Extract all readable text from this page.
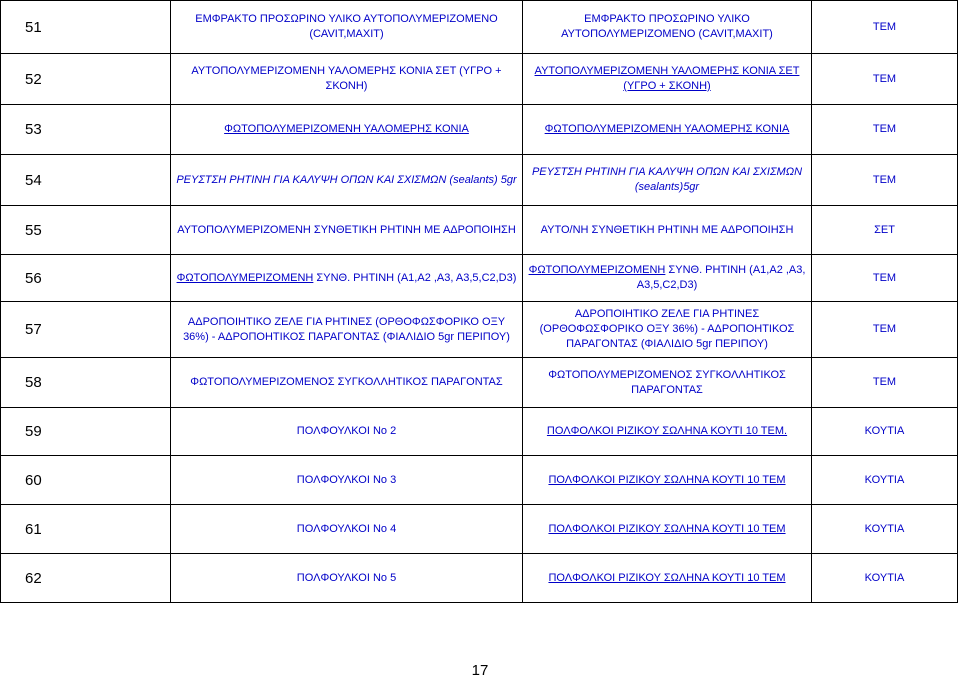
51	ΕΜΦΡΑΚΤΟ ΠΡΟΣΩΡΙΝΟ ΥΛΙΚΟ ΑΥΤΟΠΟΛΥΜΕΡΙΖΟΜΕΝΟ (CAVIT,MAXIT)	ΕΜΦΡΑΚΤΟ ΠΡΟΣΩΡΙΝΟ ΥΛΙΚΟ ΑΥΤΟΠΟΛΥΜΕΡΙΖΟΜΕΝΟ (CAVIT,MAXIT)	ΤΕΜ
52	ΑΥΤΟΠΟΛΥΜΕΡΙΖΟΜΕΝΗ ΥΑΛΟΜΕΡΗΣ ΚΟΝΙΑ ΣΕΤ (ΥΓΡΟ + ΣΚΟΝΗ)	ΑΥΤΟΠΟΛΥΜΕΡΙΖΟΜΕΝΗ ΥΑΛΟΜΕΡΗΣ ΚΟΝΙΑ ΣΕΤ (ΥΓΡΟ + ΣΚΟΝΗ)	ΤΕΜ
53	ΦΩΤΟΠΟΛΥΜΕΡΙΖΟΜΕΝΗ ΥΑΛΟΜΕΡΗΣ ΚΟΝΙΑ	ΦΩΤΟΠΟΛΥΜΕΡΙΖΟΜΕΝΗ ΥΑΛΟΜΕΡΗΣ ΚΟΝΙΑ	ΤΕΜ
54	ΡΕΥΣΤΣΗ ΡΗΤΙΝΗ ΓΙΑ ΚΑΛΥΨΗ ΟΠΩΝ ΚΑΙ ΣΧΙΣΜΩΝ (sealants) 5gr	ΡΕΥΣΤΣΗ ΡΗΤΙΝΗ ΓΙΑ ΚΑΛΥΨΗ ΟΠΩΝ ΚΑΙ ΣΧΙΣΜΩΝ (sealants)5gr	ΤΕΜ
55	ΑΥΤΟΠΟΛΥΜΕΡΙΖΟΜΕΝΗ ΣΥΝΘΕΤΙΚΗ ΡΗΤΙΝΗ ΜΕ ΑΔΡΟΠΟΙΗΣΗ	ΑΥΤΟ/ΝΗ ΣΥΝΘΕΤΙΚΗ ΡΗΤΙΝΗ ΜΕ ΑΔΡΟΠΟΙΗΣΗ	ΣΕΤ
56	ΦΩΤΟΠΟΛΥΜΕΡΙΖΟΜΕΝΗ ΣΥΝΘ. ΡΗΤΙΝΗ (Α1,Α2 ,Α3, Α3,5,C2,D3)	ΦΩΤΟΠΟΛΥΜΕΡΙΖΟΜΕΝΗ ΣΥΝΘ. ΡΗΤΙΝΗ (Α1,Α2 ,Α3, Α3,5,C2,D3)	ΤΕΜ
57	ΑΔΡΟΠΟΙΗΤΙΚΟ ΖΕΛΕ ΓΙΑ ΡΗΤΙΝΕΣ (ΟΡΘΟΦΩΣΦΟΡΙΚΟ ΟΞΥ 36%) - ΑΔΡΟΠΟΗΤΙΚΟΣ ΠΑΡΑΓΟΝΤΑΣ (ΦΙΑΛΙΔΙΟ 5gr ΠΕΡΙΠΟΥ)	ΑΔΡΟΠΟΙΗΤΙΚΟ ΖΕΛΕ ΓΙΑ ΡΗΤΙΝΕΣ (ΟΡΘΟΦΩΣΦΟΡΙΚΟ ΟΞΥ 36%) - ΑΔΡΟΠΟΗΤΙΚΟΣ ΠΑΡΑΓΟΝΤΑΣ (ΦΙΑΛΙΔΙΟ 5gr ΠΕΡΙΠΟΥ)	ΤΕΜ
58	ΦΩΤΟΠΟΛΥΜΕΡΙΖΟΜΕΝΟΣ ΣΥΓΚΟΛΛΗΤΙΚΟΣ ΠΑΡΑΓΟΝΤΑΣ	ΦΩΤΟΠΟΛΥΜΕΡΙΖΟΜΕΝΟΣ ΣΥΓΚΟΛΛΗΤΙΚΟΣ ΠΑΡΑΓΟΝΤΑΣ	ΤΕΜ
59	ΠΟΛΦΟΥΛΚΟΙ Νο 2	ΠΟΛΦΟΛΚΟΙ ΡΙΖΙΚΟΥ ΣΩΛΗΝΑ ΚΟΥΤΙ 10 ΤΕΜ.	ΚΟΥΤΙΑ
60	ΠΟΛΦΟΥΛΚΟΙ Νο 3	ΠΟΛΦΟΛΚΟΙ ΡΙΖΙΚΟΥ ΣΩΛΗΝΑ ΚΟΥΤΙ 10 ΤΕΜ	ΚΟΥΤΙΑ
61	ΠΟΛΦΟΥΛΚΟΙ Νο 4	ΠΟΛΦΟΛΚΟΙ ΡΙΖΙΚΟΥ ΣΩΛΗΝΑ ΚΟΥΤΙ 10 ΤΕΜ	ΚΟΥΤΙΑ
62	ΠΟΛΦΟΥΛΚΟΙ Νο 5	ΠΟΛΦΟΛΚΟΙ ΡΙΖΙΚΟΥ ΣΩΛΗΝΑ ΚΟΥΤΙ 10 ΤΕΜ	ΚΟΥΤΙΑ
17
